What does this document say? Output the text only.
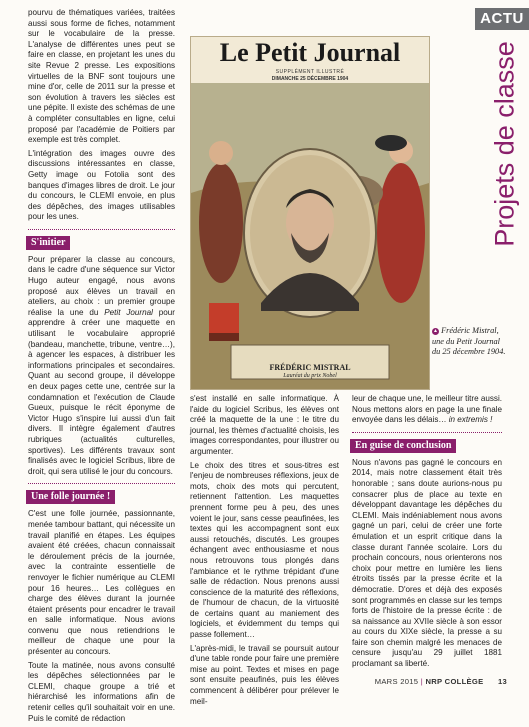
ACTU
Projets de classe

pourvu de thématiques variées, traitées aussi sous forme de fiches, notamment sur le vocabulaire de la presse. L'analyse de différentes unes peut se faire en classe, en projetant les unes du site Revue 2 presse. Les expositions virtuelles de la BNF sont toujours une mine d'or, celle de 2011 sur la presse et son évolution à travers les siècles est une pépite. Il existe des schémas de une à compléter consultables en ligne, celui proposé par l'académie de Poitiers par exemple est très complet.

L'intégration des images ouvre des discussions intéressantes en classe, Getty image ou Fotolia sont des banques d'images libres de droit. Le jour du concours, le CLEMI envoie, en plus des dépêches, des images utilisables pour les unes.

S'initier

Pour préparer la classe au concours, dans le cadre d'une séquence sur Victor Hugo auteur engagé, nous avons proposé aux élèves un travail en ateliers, au choix : un premier groupe réalise la une du Petit Journal pour apprendre à créer une maquette en utilisant le vocabulaire approprié (bandeau, manchette, tribune, ventre…), à agencer les espaces, à distribuer les informations principales et secondaires. Quant au second groupe, il développe en deux pages cette une, centrée sur la condamnation et l'exécution de Claude Gueux, puisque le récit éponyme de Victor Hugo s'inspire lui aussi d'un fait divers. Il intègre également d'autres rubriques (actualités culturelles, sportives). Les différents travaux sont finalisés avec le logiciel Scribus, libre de droit, qui sera utilisé le jour du concours.

Une folle journée !

C'est une folle journée, passionnante, menée tambour battant, qui nécessite un travail planifié en étapes. Les équipes avaient été créées, chacun connaissait le déroulement précis de la journée, avec la contrainte essentielle de renvoyer le fichier numérique au CLEMI pour 16 heures… Les collègues en charge des élèves durant la journée étaient présents pour encadrer le travail en salle informatique. Nous avions convenu que nous retiendrions le meilleur de chaque une pour la présenter au concours.

Toute la matinée, nous avons consulté les dépêches sélectionnées par le CLEMI, chaque groupe a trié et hiérarchisé les informations afin de retenir celles qu'il souhaitait voir en une. Puis le comité de rédaction

Le Petit Journal
SUPPLÉMENT ILLUSTRÉ
DIMANCHE 25 DÉCEMBRE 1904
FRÉDÉRIC MISTRAL
Lauréat du prix Nobel
▲ Frédéric Mistral, une du Petit Journal du 25 décembre 1904.

s'est installé en salle informatique. À l'aide du logiciel Scribus, les élèves ont créé la maquette de la une : le titre du journal, les thèmes d'actualité choisis, les images correspondantes, pour illustrer ou argumenter.

Le choix des titres et sous-titres est l'enjeu de nombreuses réflexions, jeux de mots, choix des mots qui percutent, retiennent l'attention. Les maquettes prennent forme peu à peu, des unes voient le jour, sans cesse peaufinées, les textes qui les accompagnent sont eux aussi retouchés, discutés. Les groupes échangent avec enthousiasme et nous nous retrouvons tous plongés dans l'ambiance et le rythme trépidant d'une salle de rédaction. Nous prenons aussi conscience de la maturité des réflexions, de l'humour de chacun, de la virtuosité de certains quant au maniement des logiciels, et évidemment du temps qui passe follement…

L'après-midi, le travail se poursuit autour d'une table ronde pour faire une première mise au point. Textes et mises en page sont ensuite peaufinés, puis les élèves commencent à délibérer pour prélever le meil-

leur de chaque une, le meilleur titre aussi. Nous mettons alors en page la une finale envoyée dans les délais… in extremis !

En guise de conclusion

Nous n'avons pas gagné le concours en 2014, mais notre classement était très honorable ; sans doute aurions-nous pu consacrer plus de place au texte en développant davantage les dépêches du CLEMI. Mais indéniablement nous avons gagné un pari, celui de créer une forte émulation et un esprit critique dans la classe durant l'année scolaire. Lors du prochain concours, nous orienterons nos choix pour mettre en lumière les liens étroits tissés par la presse écrite et la démocratie. D'ores et déjà des exposés sont programmés en classe sur les temps forts de l'histoire de la presse écrite : de sa naissance au XVIIe siècle à son essor au cours du XIXe siècle, la presse a su faire son chemin malgré les menaces de censure jusqu'au 29 juillet 1881 proclamant sa liberté.

MARS 2015 | NRP COLLÈGE 13
